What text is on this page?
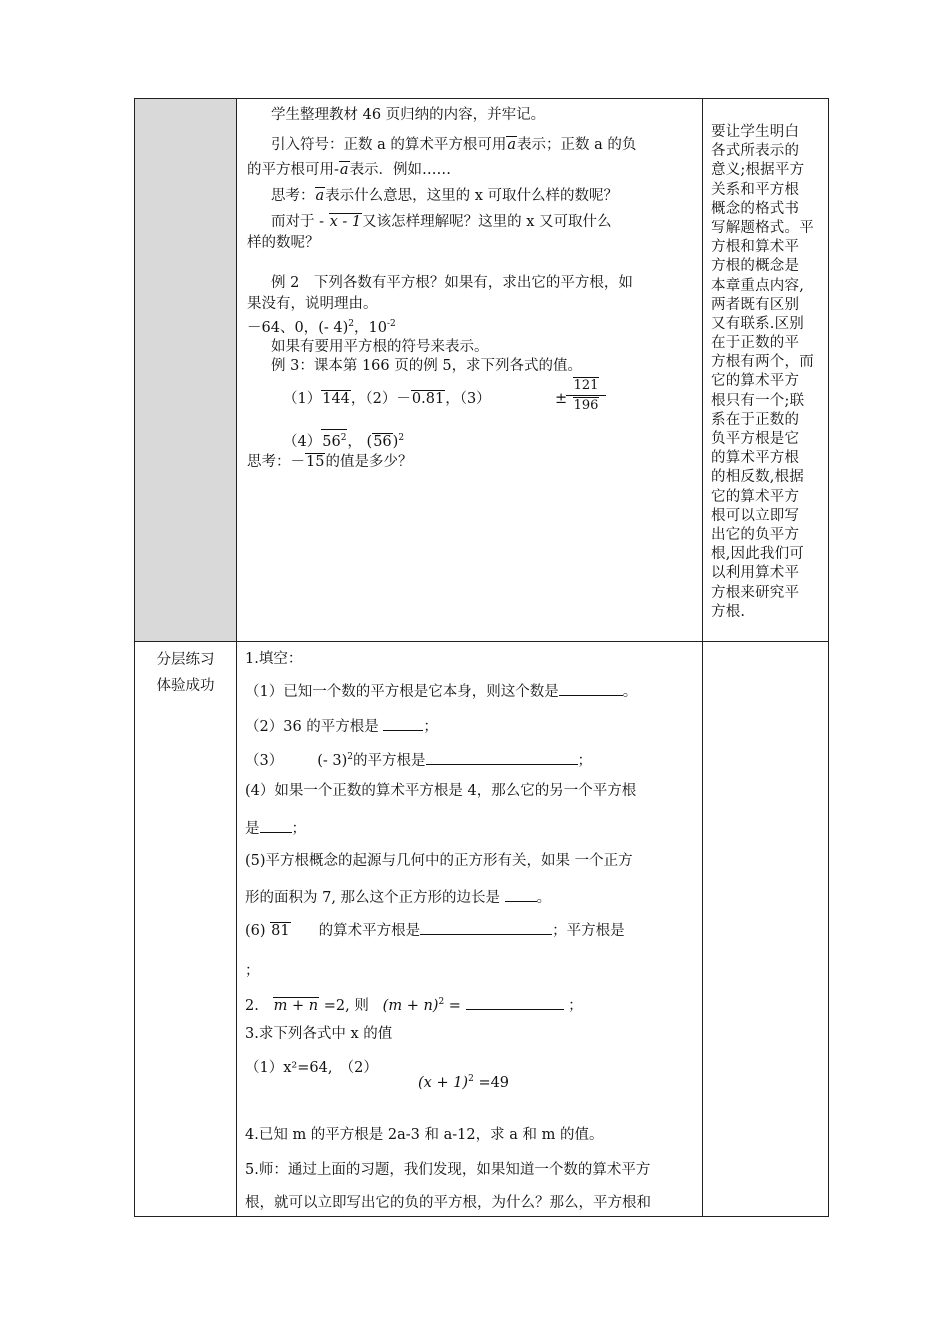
学生整理教材 46 页归纳的内容，并牢记。
引入符号：正数 a 的算术平方根可用a表示；正数 a 的负
的平方根可用-a表示．例如……
思考：a表示什么意思，这里的 x 可取什么样的数呢？
而对于 - x - 1又该怎样理解呢？这里的 x 又可取什么
样的数呢？
例 2　下列各数有平方根？如果有，求出它的平方根，如
果没有，说明理由。
－64、0，(- 4)$^2$，$10^{-2}$
如果有要用平方根的符号来表示。
例 3：课本第 166 页的例 5，求下列各式的值。
（1）144，（2）－0.81，（3）	±
121
196
$(4)56^2$， $(56)^2$
思考：－15的值是多少？
要让学生明白
各式所表示的
意义;根据平方
关系和平方根
概念的格式书
写解题格式。平
方根和算术平
方根的概念是
本章重点内容,
两者既有区别
又有联系.区别
在于正数的平
方根有两个，而
它的算术平方
根只有一个;联
系在于正数的
负平方根是它
的算术平方根
的相反数,根据
它的算术平方
根可以立即写
出它的负平方
根,因此我们可
以利用算术平
方根来研究平
方根.
分层练习
体验成功
1.填空：
（1）已知一个数的平方根是它本身，则这个数是	。
（2）36 的平方根是	；
（3） (- 3)$^2$的平方根是	；
(4）如果一个正数的算术平方根是 4，那么它的另一个平方根
是 ；
(5)平方根概念的起源与几何中的正方形有关，如果 一个正方
形的面积为 7, 那么这个正方形的边长是	。
(6) 81 的算术平方根是	；平方根是
；
2. m + n =2, 则 $(m + n)^2$ =	；
3.求下列各式中 x 的值
（1）x²=64,　（2）
$(x + 1)^2 =49$
4.已知 m 的平方根是 2a-3 和 a-12，求 a 和 m 的值。
5.师：通过上面的习题，我们发现，如果知道一个数的算术平方
根，就可以立即写出它的负的平方根，为什么？那么，平方根和
